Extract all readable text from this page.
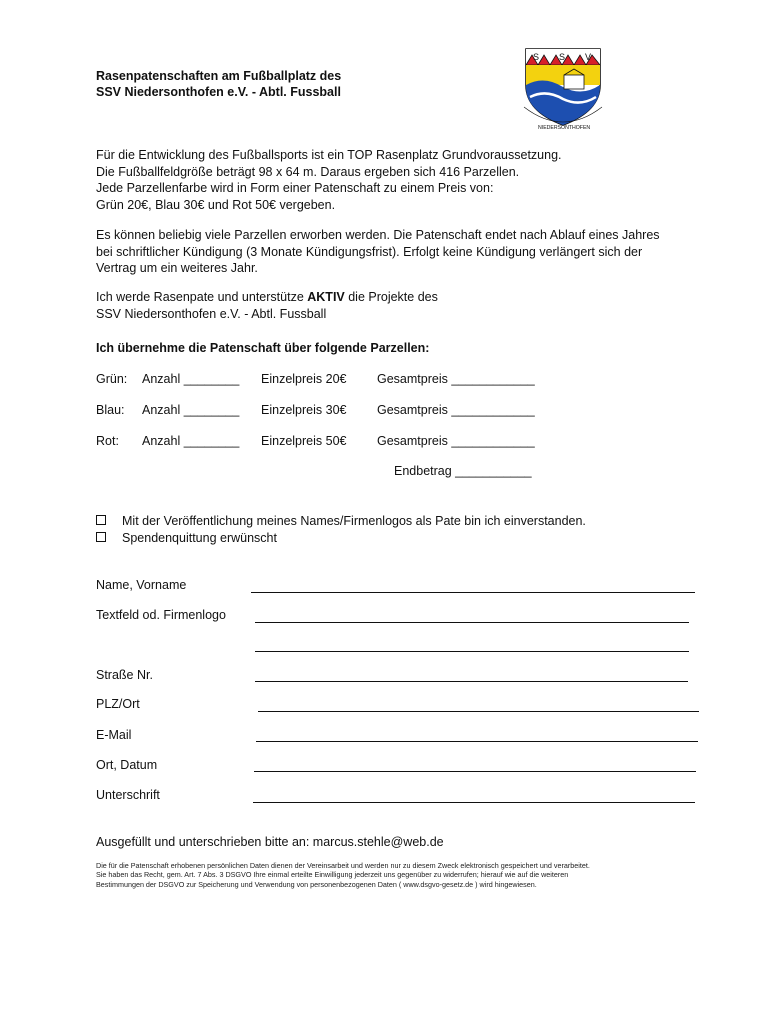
Rasenpatenschaften am Fußballplatz des
SSV Niedersonthofen e.V. - Abtl. Fussball
S S V
NIEDERSONTHOFEN
Für die Entwicklung des Fußballsports ist ein TOP Rasenplatz Grundvoraussetzung.
Die Fußballfeldgröße beträgt 98 x 64 m. Daraus ergeben sich 416 Parzellen.
Jede Parzellenfarbe wird in Form einer Patenschaft zu einem Preis von:
Grün 20€, Blau 30€ und Rot 50€ vergeben.
Es können beliebig viele Parzellen erworben werden. Die Patenschaft endet nach Ablauf eines Jahres
bei schriftlicher Kündigung (3 Monate Kündigungsfrist). Erfolgt keine Kündigung verlängert sich der
Vertrag um ein weiteres Jahr.
Ich werde Rasenpate und unterstütze AKTIV die Projekte des
SSV Niedersonthofen e.V. - Abtl. Fussball
Ich übernehme die Patenschaft über folgende Parzellen:
Grün: Anzahl ________ Einzelpreis 20€ Gesamtpreis ____________
Blau: Anzahl ________ Einzelpreis 30€ Gesamtpreis ____________
Rot: Anzahl ________ Einzelpreis 50€ Gesamtpreis ____________
Endbetrag ___________
Mit der Veröffentlichung meines Names/Firmenlogos als Pate bin ich einverstanden.
Spendenquittung erwünscht
Name, Vorname
Textfeld od. Firmenlogo
Straße Nr.
PLZ/Ort
E-Mail
Ort, Datum
Unterschrift
Ausgefüllt und unterschrieben bitte an: marcus.stehle@web.de
Die für die Patenschaft erhobenen persönlichen Daten dienen der Vereinsarbeit und werden nur zu diesem Zweck elektronisch gespeichert und verarbeitet.
Sie haben das Recht, gem. Art. 7 Abs. 3 DSGVO Ihre einmal erteilte Einwilligung jederzeit uns gegenüber zu widerrufen; hierauf wie auf die weiteren
Bestimmungen der DSGVO zur Speicherung und Verwendung von personenbezogenen Daten ( www.dsgvo-gesetz.de ) wird hingewiesen.
